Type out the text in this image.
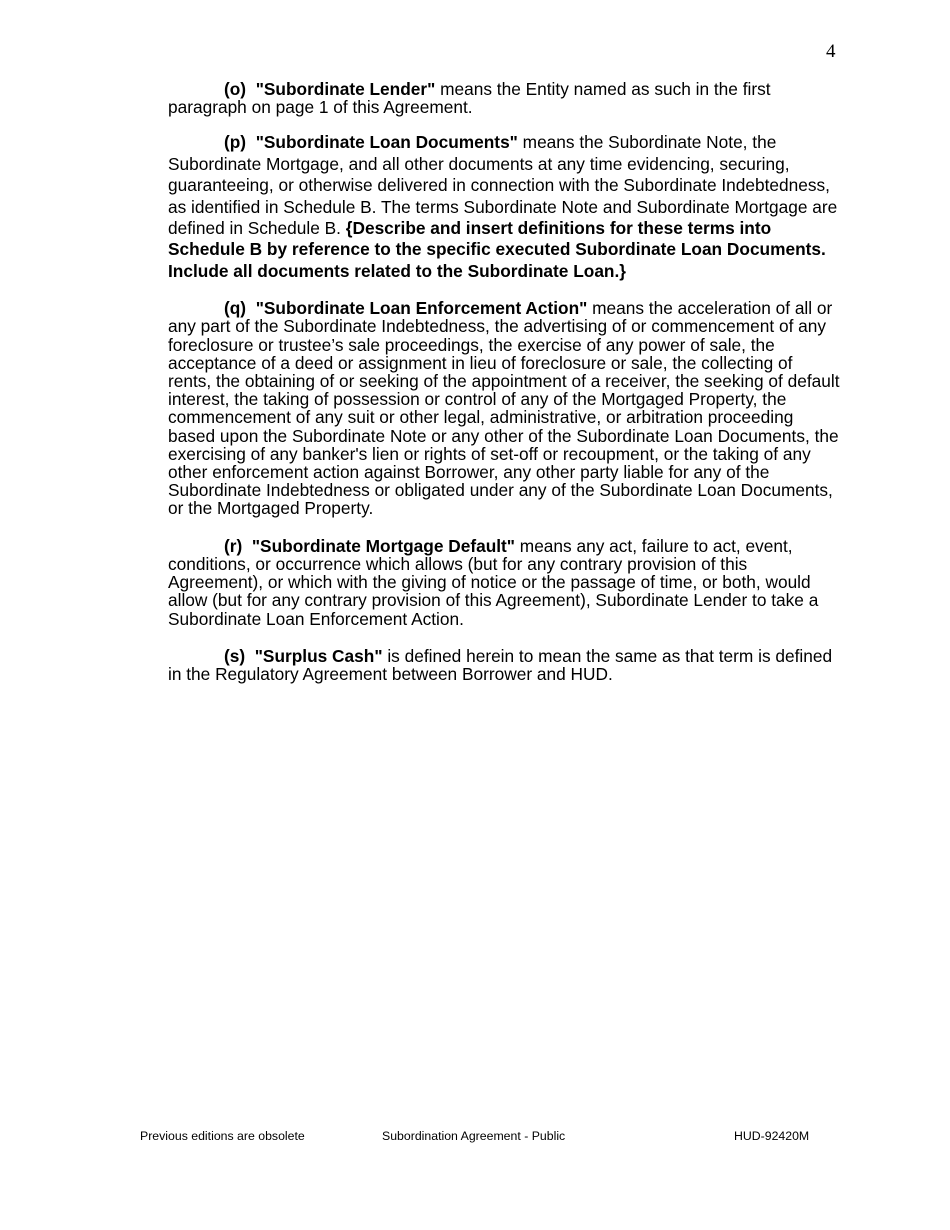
4

(o) "Subordinate Lender" means the Entity named as such in the first paragraph on page 1 of this Agreement.

(p) "Subordinate Loan Documents" means the Subordinate Note, the Subordinate Mortgage, and all other documents at any time evidencing, securing, guaranteeing, or otherwise delivered in connection with the Subordinate Indebtedness, as identified in Schedule B. The terms Subordinate Note and Subordinate Mortgage are defined in Schedule B. {Describe and insert definitions for these terms into Schedule B by reference to the specific executed Subordinate Loan Documents. Include all documents related to the Subordinate Loan.}

(q) "Subordinate Loan Enforcement Action" means the acceleration of all or any part of the Subordinate Indebtedness, the advertising of or commencement of any foreclosure or trustee’s sale proceedings, the exercise of any power of sale, the acceptance of a deed or assignment in lieu of foreclosure or sale, the collecting of rents, the obtaining of or seeking of the appointment of a receiver, the seeking of default interest, the taking of possession or control of any of the Mortgaged Property, the commencement of any suit or other legal, administrative, or arbitration proceeding based upon the Subordinate Note or any other of the Subordinate Loan Documents, the exercising of any banker's lien or rights of set-off or recoupment, or the taking of any other enforcement action against Borrower, any other party liable for any of the Subordinate Indebtedness or obligated under any of the Subordinate Loan Documents, or the Mortgaged Property.

(r) "Subordinate Mortgage Default" means any act, failure to act, event, conditions, or occurrence which allows (but for any contrary provision of this Agreement), or which with the giving of notice or the passage of time, or both, would allow (but for any contrary provision of this Agreement), Subordinate Lender to take a Subordinate Loan Enforcement Action.

(s) "Surplus Cash" is defined herein to mean the same as that term is defined in the Regulatory Agreement between Borrower and HUD.

Previous editions are obsolete	Subordination Agreement - Public	HUD-92420M
